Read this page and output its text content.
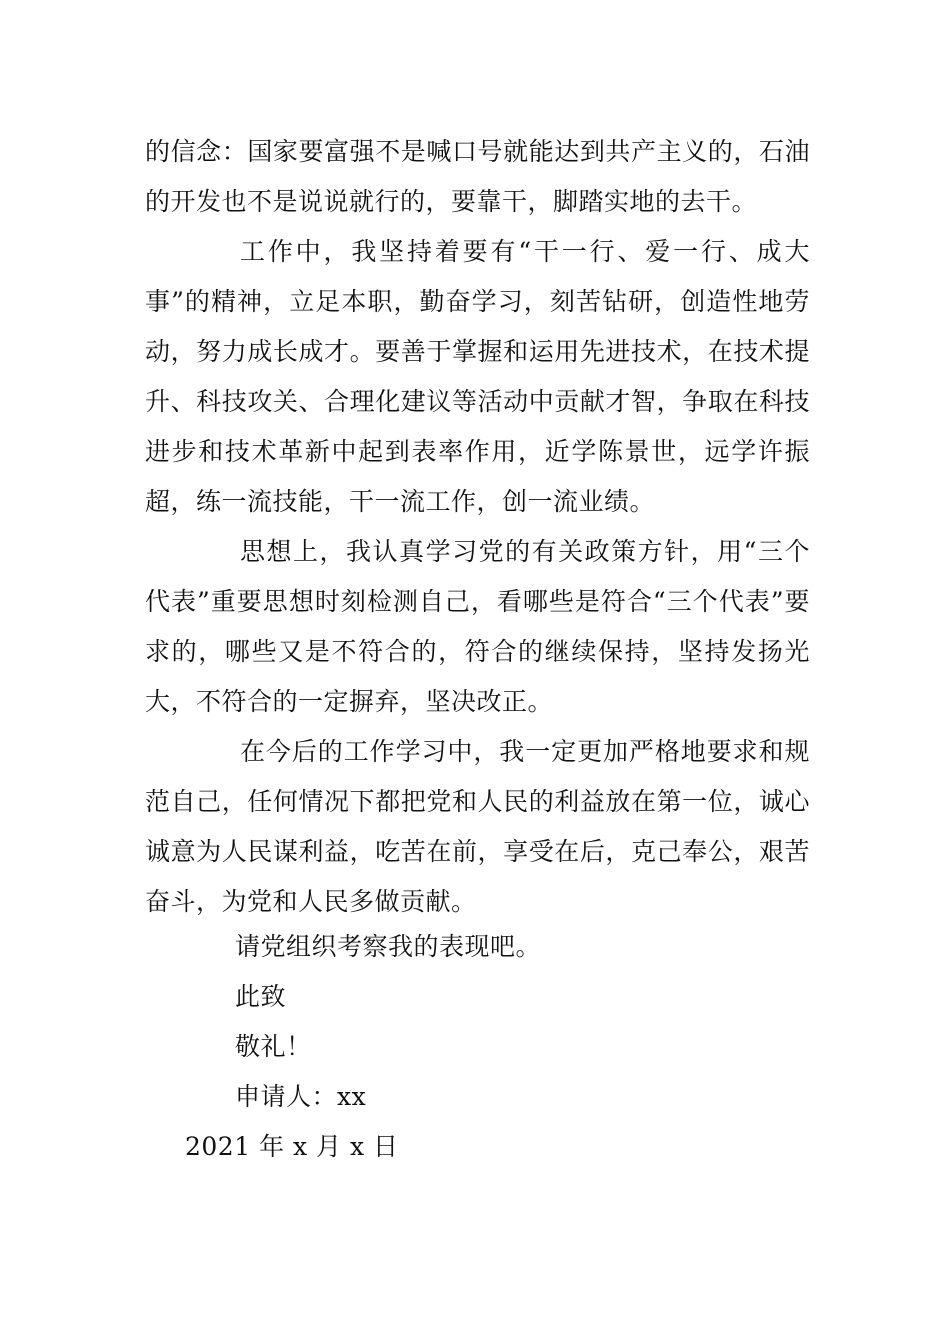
的信念：国家要富强不是喊口号就能达到共产主义的，石油的开发也不是说说就行的，要靠干，脚踏实地的去干。
工作中，我坚持着要有“干一行、爱一行、成大事”的精神，立足本职，勤奋学习，刻苦钻研，创造性地劳动，努力成长成才。要善于掌握和运用先进技术，在技术提升、科技攻关、合理化建议等活动中贡献才智，争取在科技进步和技术革新中起到表率作用，近学陈景世，远学许振超，练一流技能，干一流工作，创一流业绩。
思想上，我认真学习党的有关政策方针，用“三个代表”重要思想时刻检测自己，看哪些是符合“三个代表”要求的，哪些又是不符合的，符合的继续保持，坚持发扬光大，不符合的一定摒弃，坚决改正。
在今后的工作学习中，我一定更加严格地要求和规范自己，任何情况下都把党和人民的利益放在第一位，诚心诚意为人民谋利益，吃苦在前，享受在后，克己奉公，艰苦奋斗，为党和人民多做贡献。
请党组织考察我的表现吧。
此致
敬礼！
申请人：xx
2021 年 x 月 x 日
